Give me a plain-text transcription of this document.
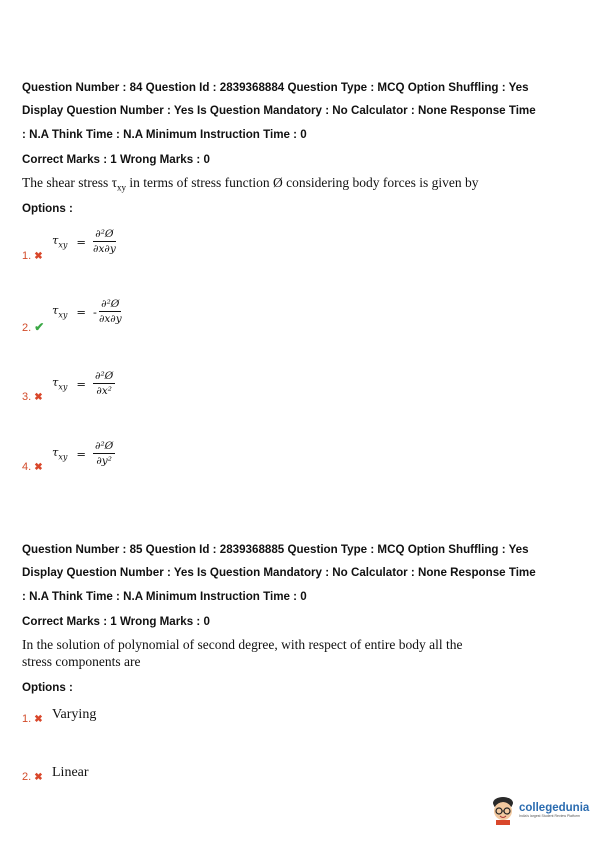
Question Number : 84 Question Id : 2839368884 Question Type : MCQ Option Shuffling : Yes
Display Question Number : Yes Is Question Mandatory : No Calculator : None Response Time
: N.A Think Time : N.A Minimum Instruction Time : 0
Correct Marks : 1 Wrong Marks : 0
The shear stress $\tau_{xy}$ in terms of stress function Ø considering body forces is given by
Options :
1. ✖
$\tau_{xy} = \frac{\text{∂²Ø}}{\partial x\partial y}$
2. ✔
$\tau_{xy}$ = - $\frac{\text{∂²Ø}}{\partial x\partial y}$
3. ✖
$\tau_{xy} = \frac{\text{∂²Ø}}{\text{∂x²}}$
4. ✖
$\tau_{xy} = \frac{\text{∂²Ø}}{\text{∂y²}}$
Question Number : 85 Question Id : 2839368885 Question Type : MCQ Option Shuffling : Yes
Display Question Number : Yes Is Question Mandatory : No Calculator : None Response Time
: N.A Think Time : N.A Minimum Instruction Time : 0
Correct Marks : 1 Wrong Marks : 0
In the solution of polynomial of second degree, with respect of entire body all the
stress components are
Options :
1. ✖ Varying
2. ✖ Linear
collegedunia
India's largest Student Review Platform
